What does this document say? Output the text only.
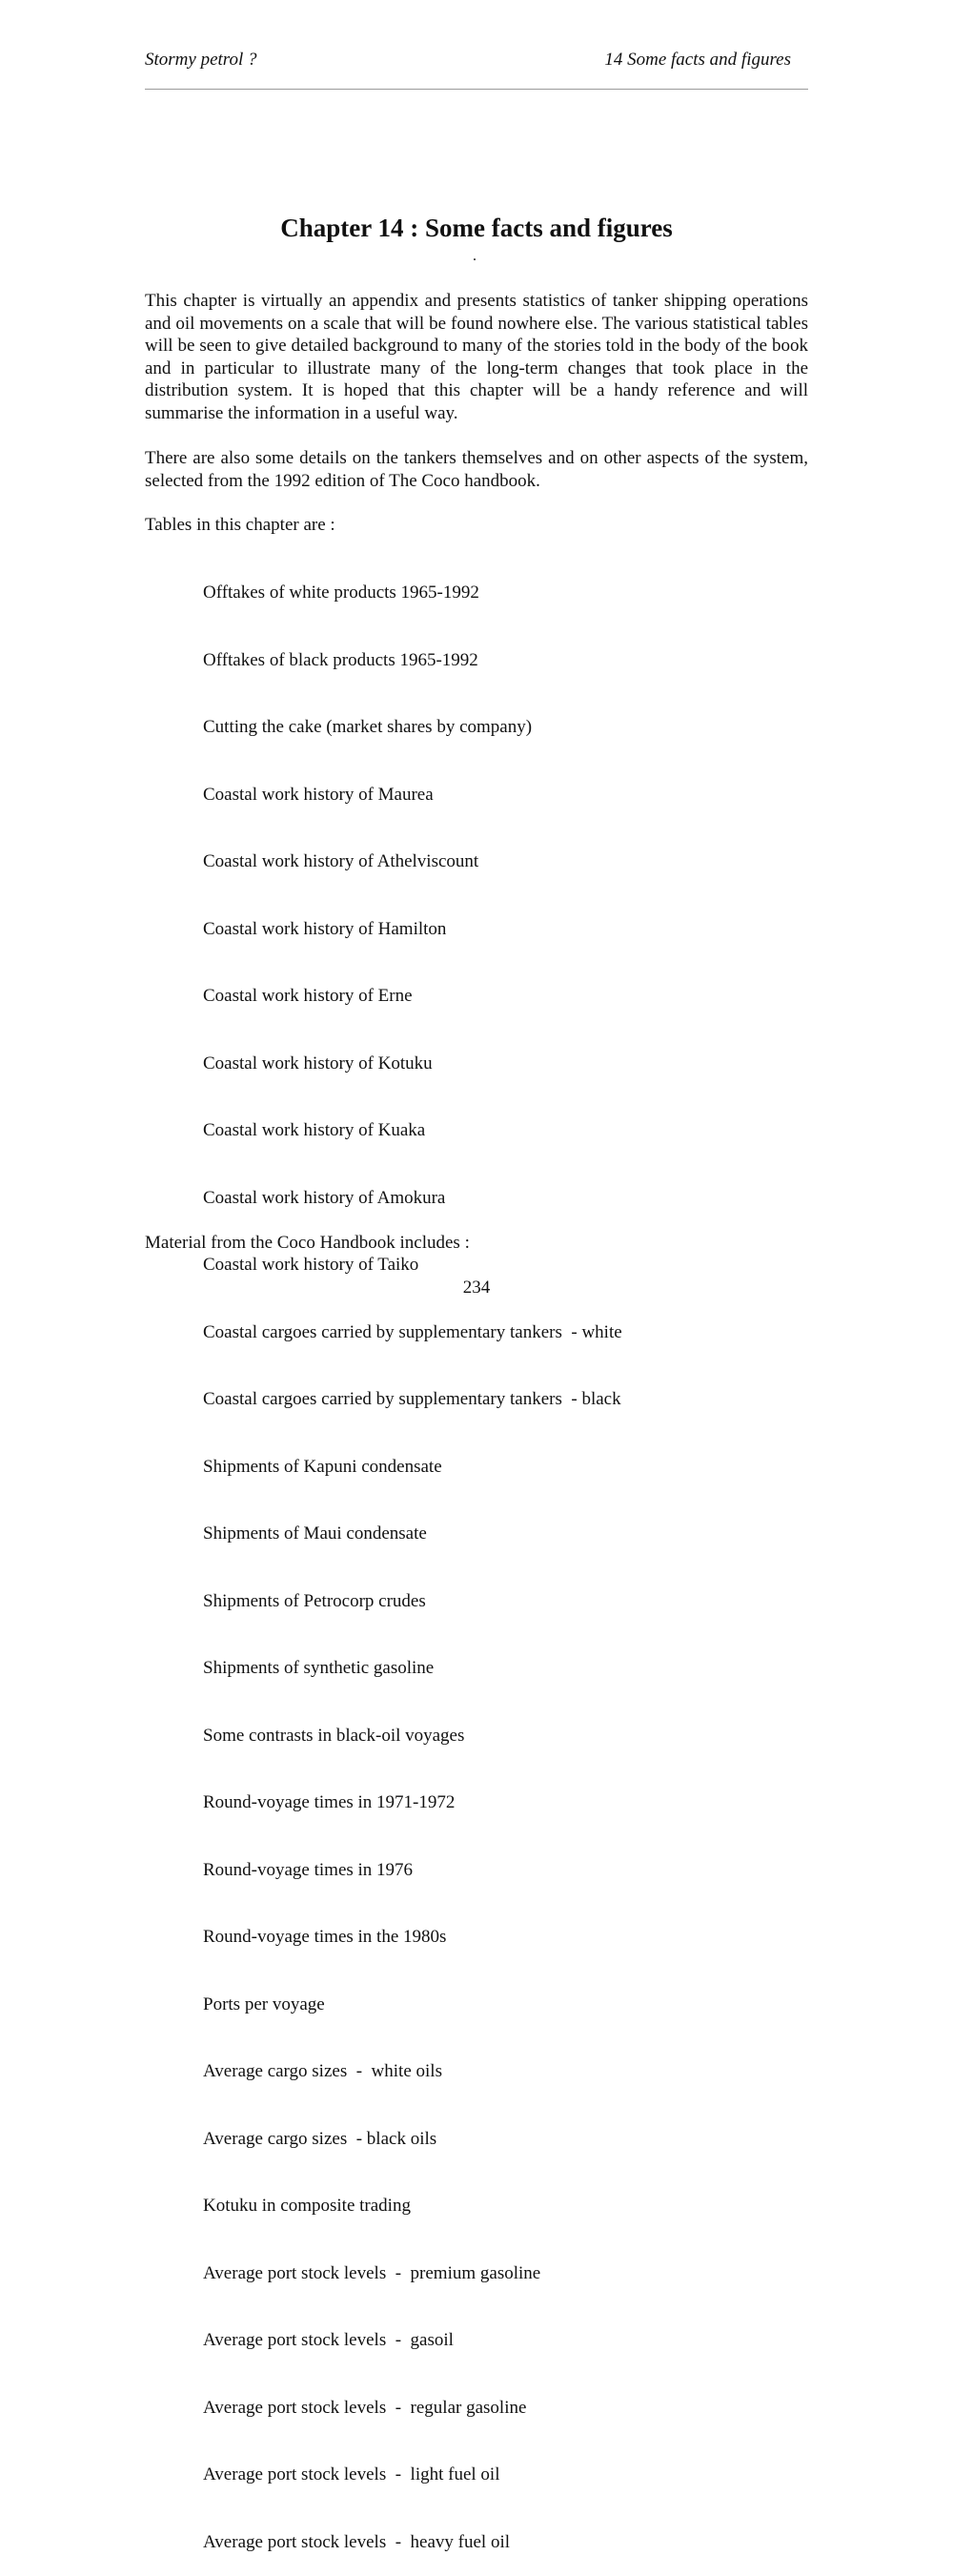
Stormy petrol ?	14 Some facts and figures
Chapter 14 : Some facts and figures
.

This chapter is virtually an appendix and presents statistics of tanker shipping operations and oil movements on a scale that will be found nowhere else. The various statistical tables will be seen to give detailed background to many of the stories told in the body of the book and in particular to illustrate many of the long-term changes that took place in the distribution system. It is hoped that this chapter will be a handy reference and will summarise the information in a useful way.

There are also some details on the tankers themselves and on other aspects of the system, selected from the 1992 edition of The Coco handbook.

Tables in this chapter are :

Offtakes of white products 1965-1992

Offtakes of black products 1965-1992

Cutting the cake (market shares by company)

Coastal work history of Maurea

Coastal work history of Athelviscount

Coastal work history of Hamilton

Coastal work history of Erne

Coastal work history of Kotuku

Coastal work history of Kuaka

Coastal work history of Amokura

Coastal work history of Taiko

Coastal cargoes carried by supplementary tankers  - white

Coastal cargoes carried by supplementary tankers  - black

Shipments of Kapuni condensate

Shipments of Maui condensate

Shipments of Petrocorp crudes

Shipments of synthetic gasoline

Some contrasts in black-oil voyages

Round-voyage times in 1971-1972

Round-voyage times in 1976

Round-voyage times in the 1980s

Ports per voyage

Average cargo sizes  -  white oils

Average cargo sizes  - black oils

Kotuku in composite trading

Average port stock levels  -  premium gasoline

Average port stock levels  -  gasoil

Average port stock levels  -  regular gasoline

Average port stock levels  -  light fuel oil

Average port stock levels  -  heavy fuel oil

Material from the Coco Handbook includes :

234
